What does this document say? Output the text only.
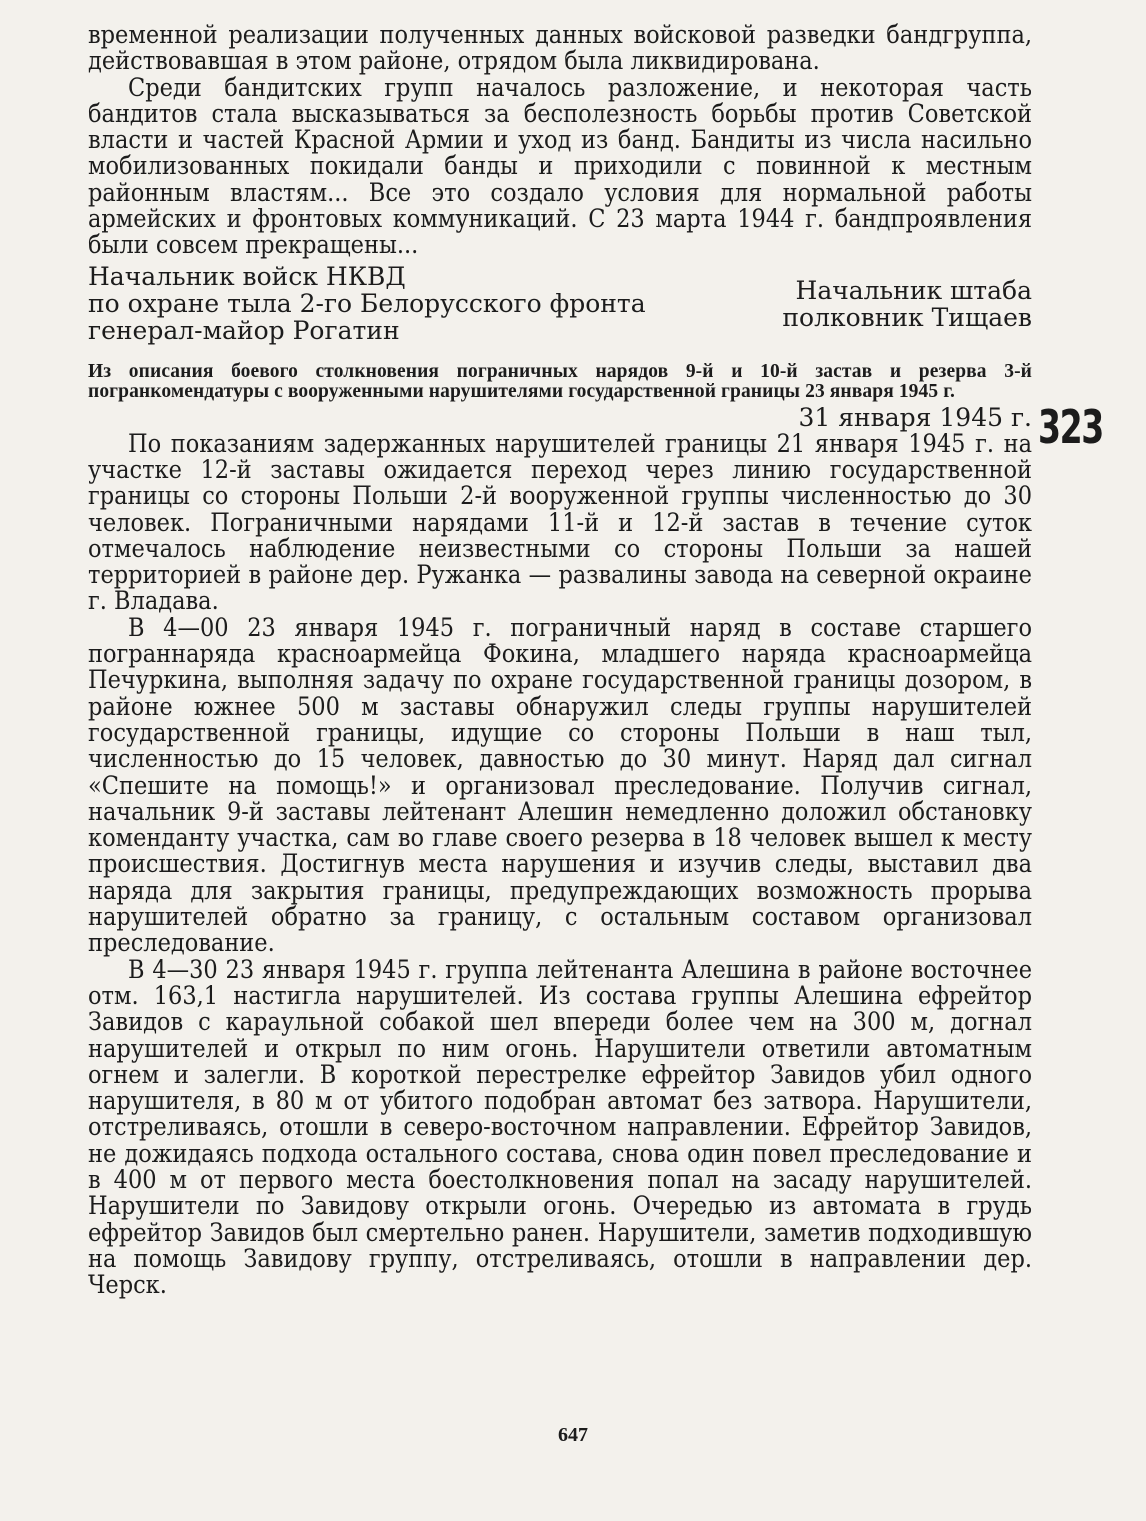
временной реализации полученных данных войсковой разведки бандгруппа, действовавшая в этом районе, отрядом была ликвидирована.

Среди бандитских групп началось разложение, и некоторая часть бандитов стала высказываться за бесполезность борьбы против Советской власти и частей Красной Армии и уход из банд. Бандиты из числа насильно мобилизованных покидали банды и приходили с повинной к местным районным властям... Все это создало условия для нормальной работы армейских и фронтовых коммуникаций. С 23 марта 1944 г. бандпроявления были совсем прекращены...

Начальник войск НКВД
по охране тыла 2-го Белорусского фронта
генерал-майор Рогатин
Начальник штаба
полковник Тищаев

Из описания боевого столкновения пограничных нарядов 9-й и 10-й застав и резерва 3-й погранкомендатуры с вооруженными нарушителями государственной границы 23 января 1945 г.

31 января 1945 г.

По показаниям задержанных нарушителей границы 21 января 1945 г. на участке 12-й заставы ожидается переход через линию государственной границы со стороны Польши 2-й вооруженной группы численностью до 30 человек. Пограничными нарядами 11-й и 12-й застав в течение суток отмечалось наблюдение неизвестными со стороны Польши за нашей территорией в районе дер. Ружанка — развалины завода на северной окраине г. Владава.

В 4—00 23 января 1945 г. пограничный наряд в составе старшего пограннаряда красноармейца Фокина, младшего наряда красноармейца Печуркина, выполняя задачу по охране государственной границы дозором, в районе южнее 500 м заставы обнаружил следы группы нарушителей государственной границы, идущие со стороны Польши в наш тыл, численностью до 15 человек, давностью до 30 минут. Наряд дал сигнал «Спешите на помощь!» и организовал преследование. Получив сигнал, начальник 9-й заставы лейтенант Алешин немедленно доложил обстановку коменданту участка, сам во главе своего резерва в 18 человек вышел к месту происшествия. Достигнув места нарушения и изучив следы, выставил два наряда для закрытия границы, предупреждающих возможность прорыва нарушителей обратно за границу, с остальным составом организовал преследование.

В 4—30 23 января 1945 г. группа лейтенанта Алешина в районе восточнее отм. 163,1 настигла нарушителей. Из состава группы Алешина ефрейтор Завидов с караульной собакой шел впереди более чем на 300 м, догнал нарушителей и открыл по ним огонь. Нарушители ответили автоматным огнем и залегли. В короткой перестрелке ефрейтор Завидов убил одного нарушителя, в 80 м от убитого подобран автомат без затвора. Нарушители, отстреливаясь, отошли в северо-восточном направлении. Ефрейтор Завидов, не дожидаясь подхода остального состава, снова один повел преследование и в 400 м от первого места боестолкновения попал на засаду нарушителей. Нарушители по Завидову открыли огонь. Очередью из автомата в грудь ефрейтор Завидов был смертельно ранен. Нарушители, заметив подходившую на помощь Завидову группу, отстреливаясь, отошли в направлении дер. Черск.

323
647
